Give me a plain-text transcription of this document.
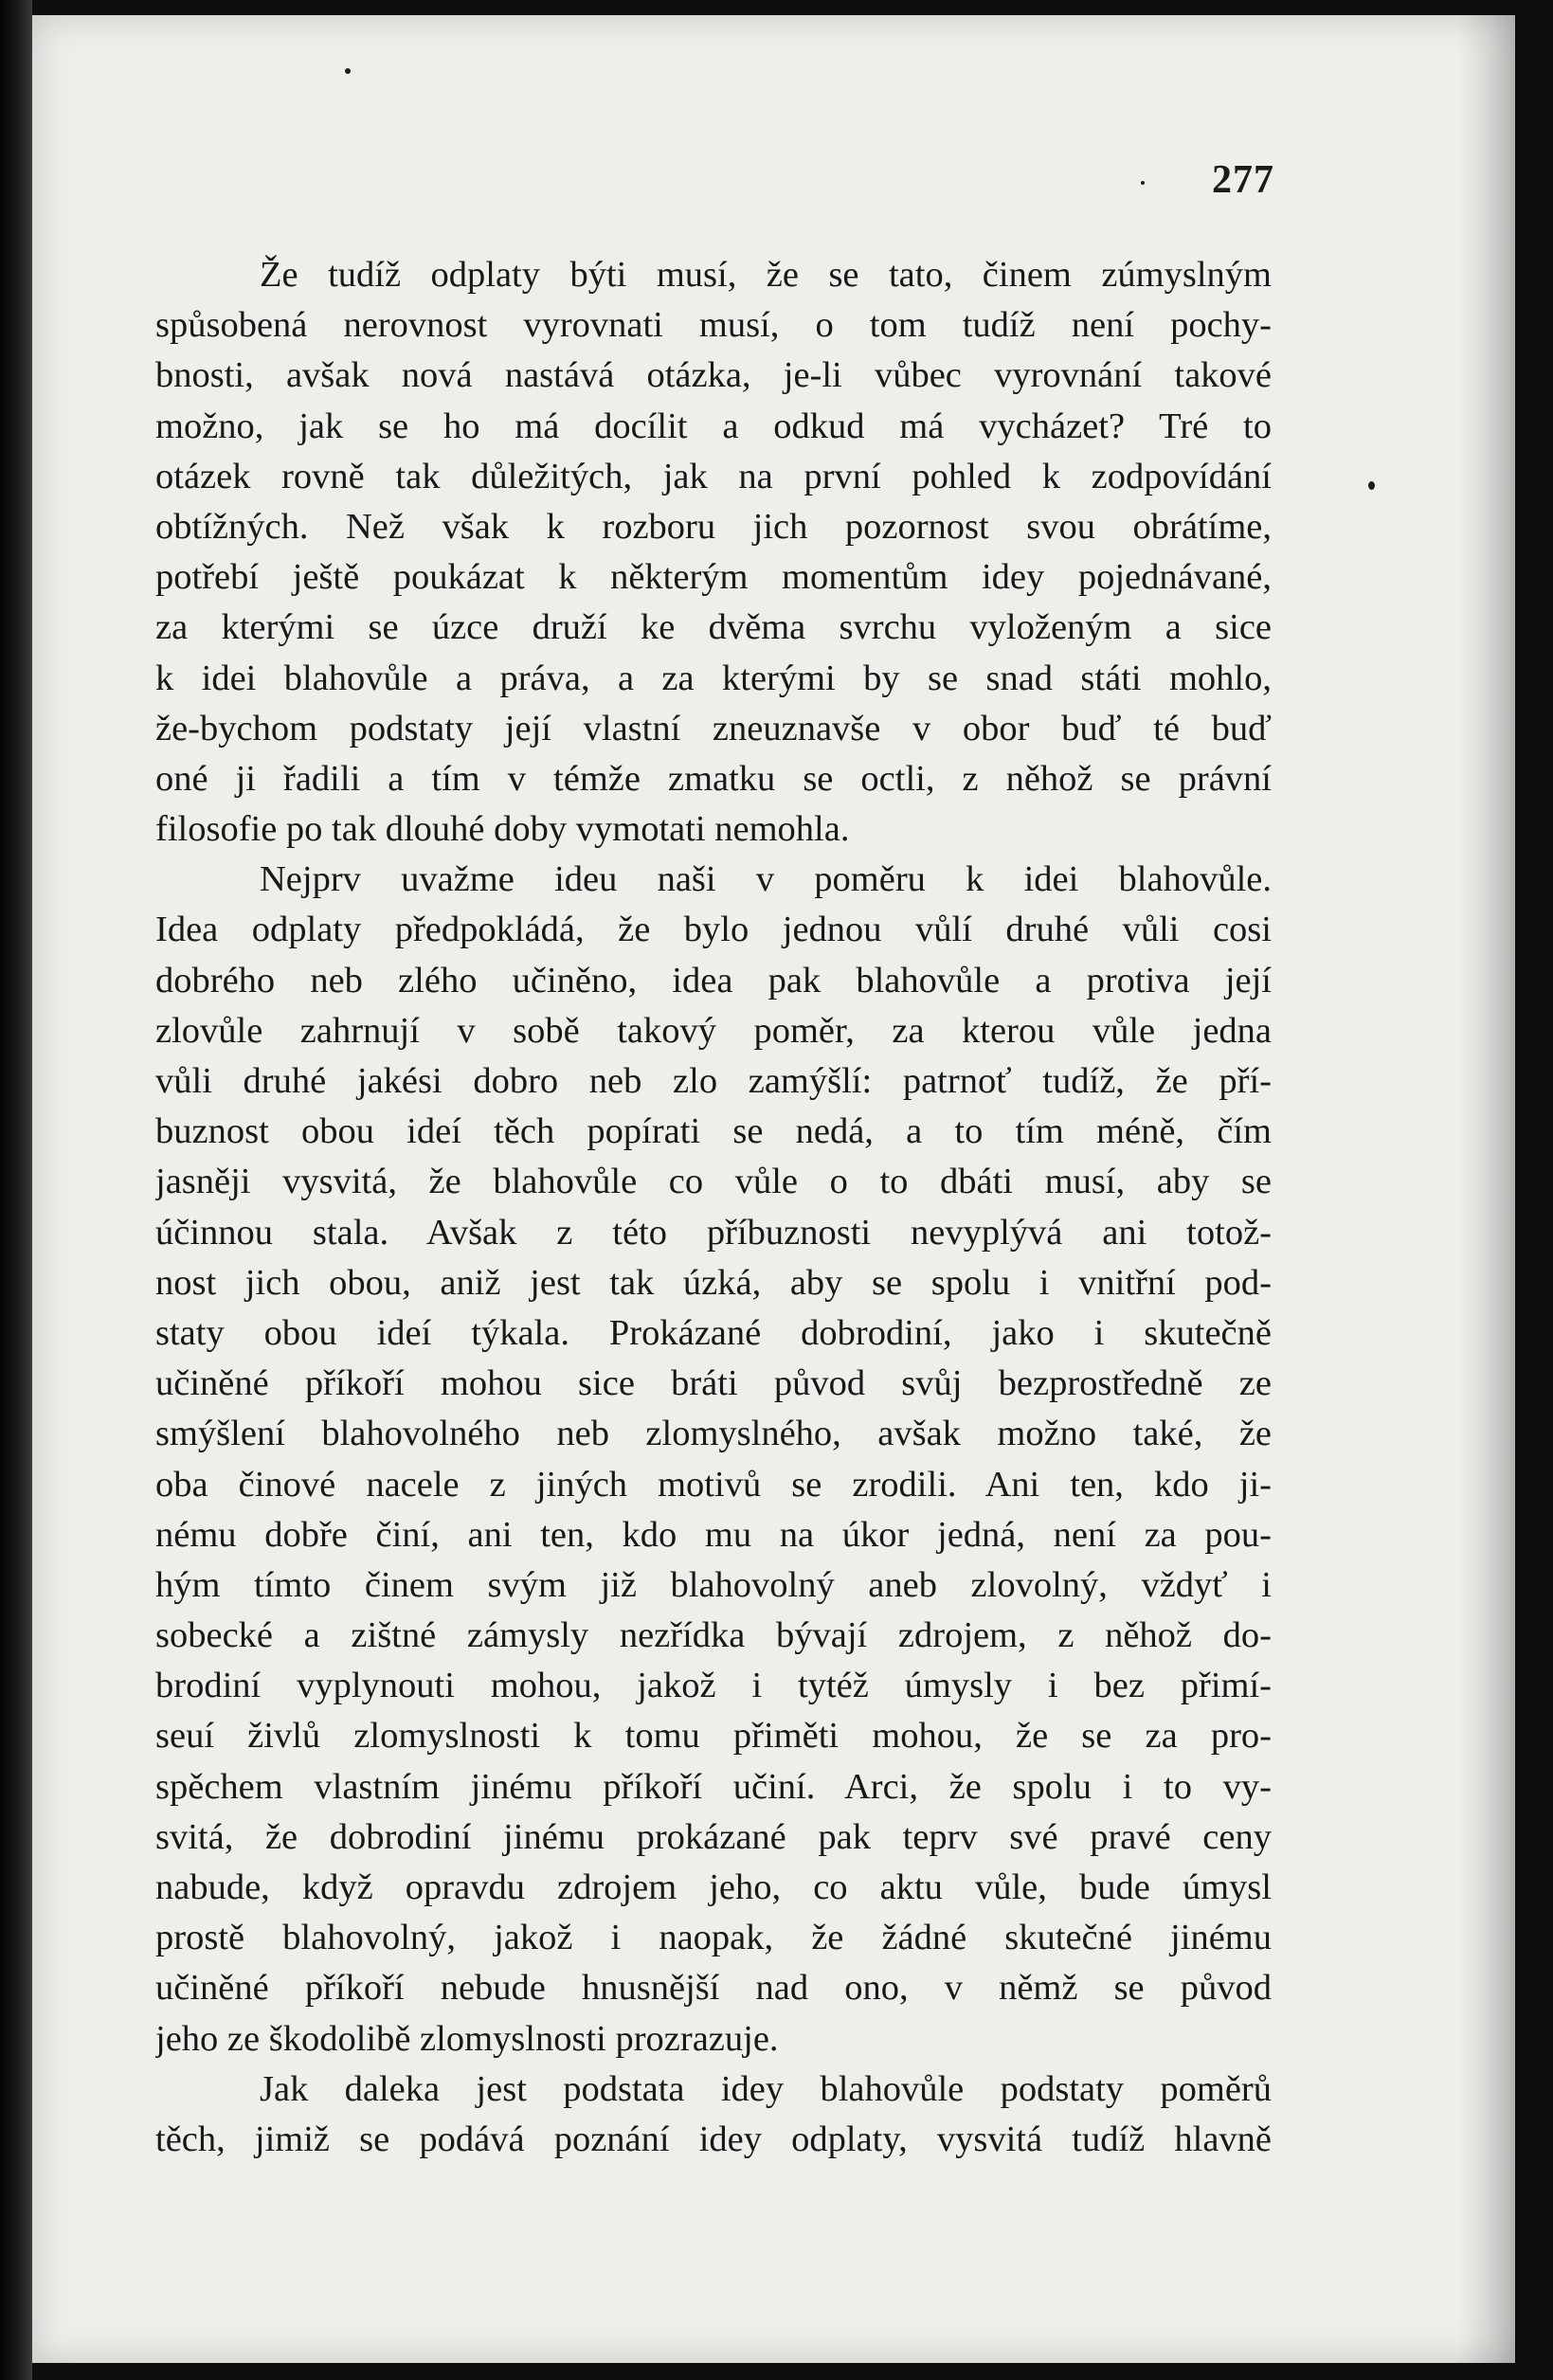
277
Že tudíž odplaty býti musí, že se tato, činem zúmyslným
spůsobená nerovnost vyrovnati musí, o tom tudíž není pochy-
bnosti, avšak nová nastává otázka, je-li vůbec vyrovnání takové
možno, jak se ho má docílit a odkud má vycházet? Tré to
otázek rovně tak důležitých, jak na první pohled k zodpovídání
obtížných. Než však k rozboru jich pozornost svou obrátíme,
potřebí ještě poukázat k některým momentům idey pojednávané,
za kterými se úzce druží ke dvěma svrchu vyloženým a sice
k idei blahovůle a práva, a za kterými by se snad státi mohlo,
že-bychom podstaty její vlastní zneuznavše v obor buď té buď
oné ji řadili a tím v témže zmatku se octli, z něhož se právní
filosofie po tak dlouhé doby vymotati nemohla.
Nejprv uvažme ideu naši v poměru k idei blahovůle.
Idea odplaty předpokládá, že bylo jednou vůlí druhé vůli cosi
dobrého neb zlého učiněno, idea pak blahovůle a protiva její
zlovůle zahrnují v sobě takový poměr, za kterou vůle jedna
vůli druhé jakési dobro neb zlo zamýšlí: patrnoť tudíž, že pří-
buznost obou ideí těch popírati se nedá, a to tím méně, čím
jasněji vysvitá, že blahovůle co vůle o to dbáti musí, aby se
účinnou stala. Avšak z této příbuznosti nevyplývá ani totož-
nost jich obou, aniž jest tak úzká, aby se spolu i vnitřní pod-
staty obou ideí týkala. Prokázané dobrodiní, jako i skutečně
učiněné příkoří mohou sice bráti původ svůj bezprostředně ze
smýšlení blahovolného neb zlomyslného, avšak možno také, že
oba činové nacele z jiných motivů se zrodili. Ani ten, kdo ji-
nému dobře činí, ani ten, kdo mu na úkor jedná, není za pou-
hým tímto činem svým již blahovolný aneb zlovolný, vždyť i
sobecké a zištné zámysly nezřídka bývají zdrojem, z něhož do-
brodiní vyplynouti mohou, jakož i tytéž úmysly i bez přimí-
seuí živlů zlomyslnosti k tomu přiměti mohou, že se za pro-
spěchem vlastním jinému příkoří učiní. Arci, že spolu i to vy-
svitá, že dobrodiní jinému prokázané pak teprv své pravé ceny
nabude, když opravdu zdrojem jeho, co aktu vůle, bude úmysl
prostě blahovolný, jakož i naopak, že žádné skutečné jinému
učiněné příkoří nebude hnusnější nad ono, v němž se původ
jeho ze škodolibě zlomyslnosti prozrazuje.
Jak daleka jest podstata idey blahovůle podstaty poměrů
těch, jimiž se podává poznání idey odplaty, vysvitá tudíž hlavně
